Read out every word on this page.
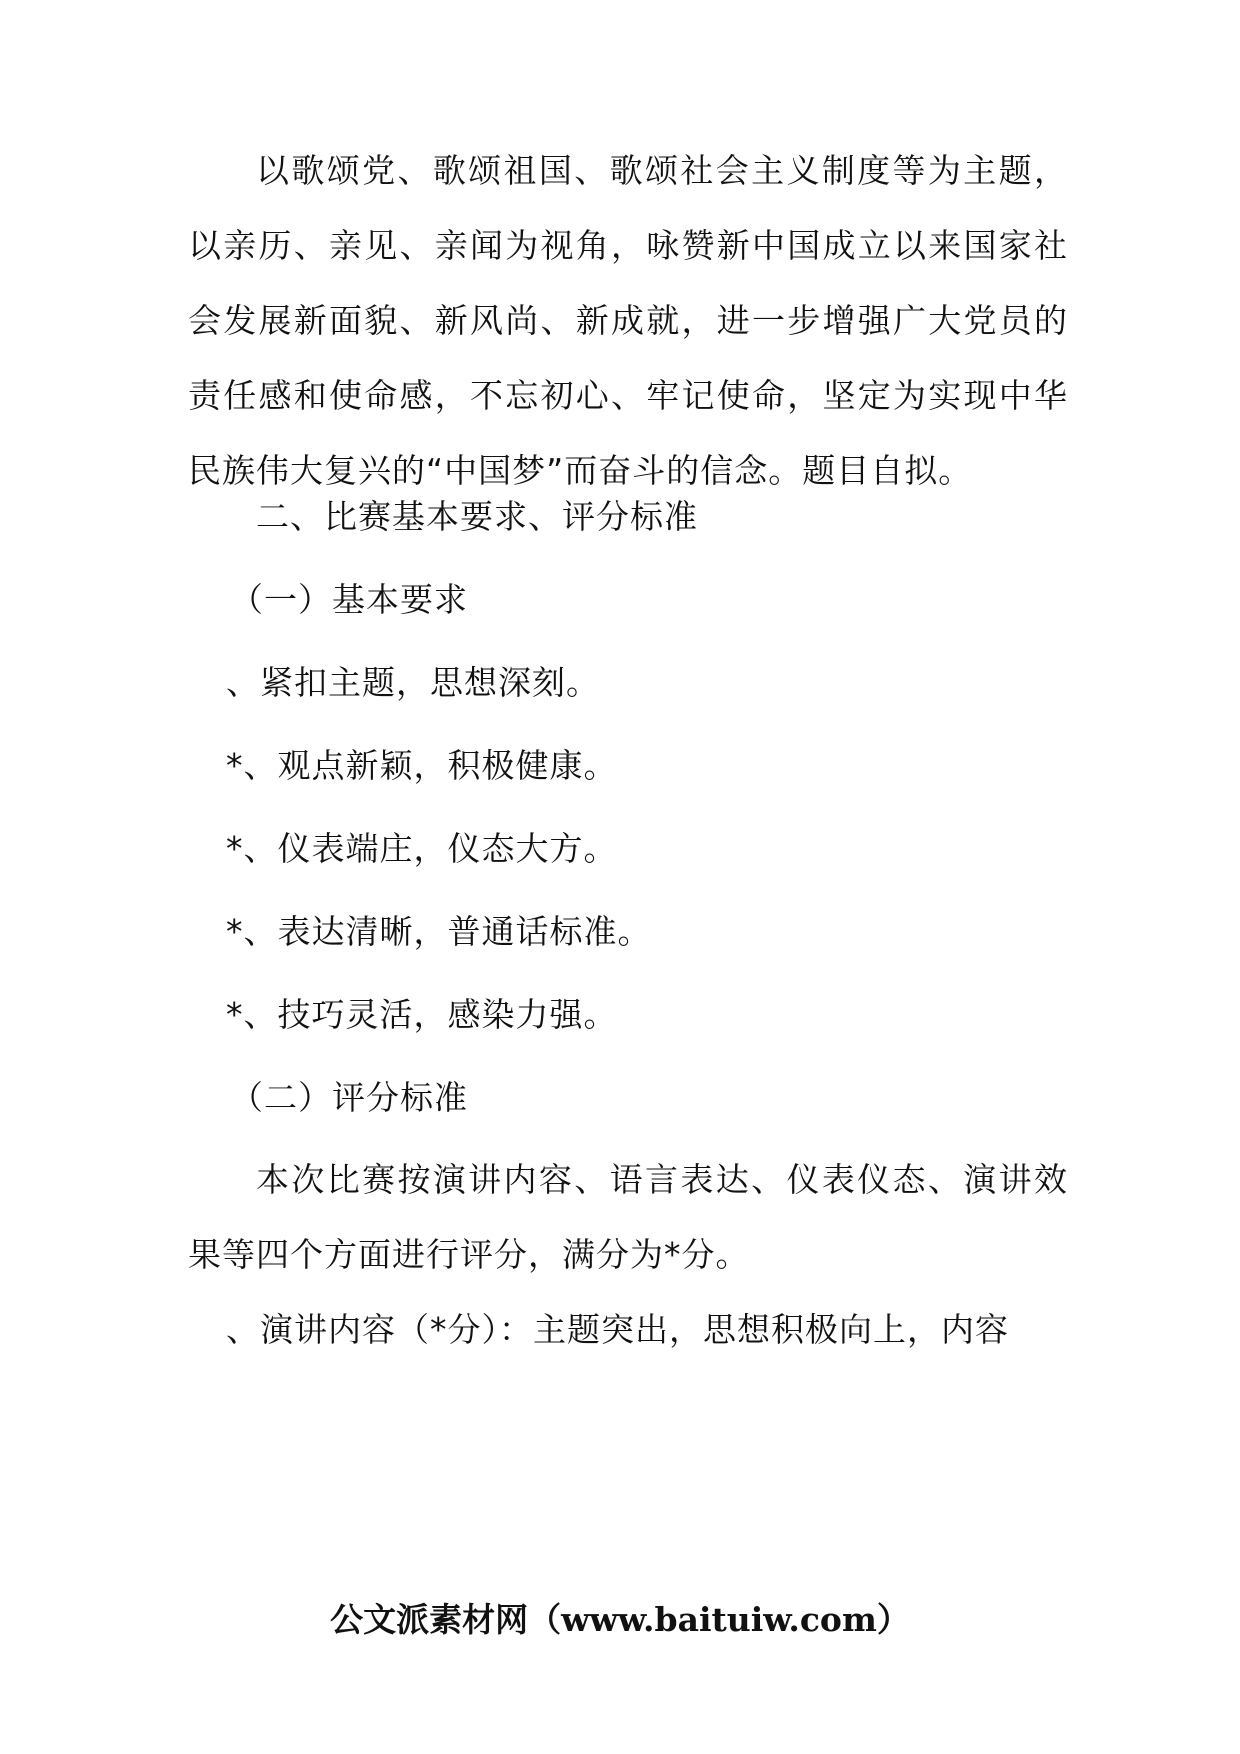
以歌颂党、歌颂祖国、歌颂社会主义制度等为主题，以亲历、亲见、亲闻为视角，咏赞新中国成立以来国家社会发展新面貌、新风尚、新成就，进一步增强广大党员的责任感和使命感，不忘初心、牢记使命，坚定为实现中华民族伟大复兴的“中国梦”而奋斗的信念。题目自拟。

二、比赛基本要求、评分标准
（一）基本要求
、紧扣主题，思想深刻。
*、观点新颖，积极健康。
*、仪表端庄，仪态大方。
*、表达清晰，普通话标准。
*、技巧灵活，感染力强。
（二）评分标准

本次比赛按演讲内容、语言表达、仪表仪态、演讲效果等四个方面进行评分，满分为*分。

、演讲内容（*分）：主题突出，思想积极向上，内容
公文派素材网（www.baituiw.com）
